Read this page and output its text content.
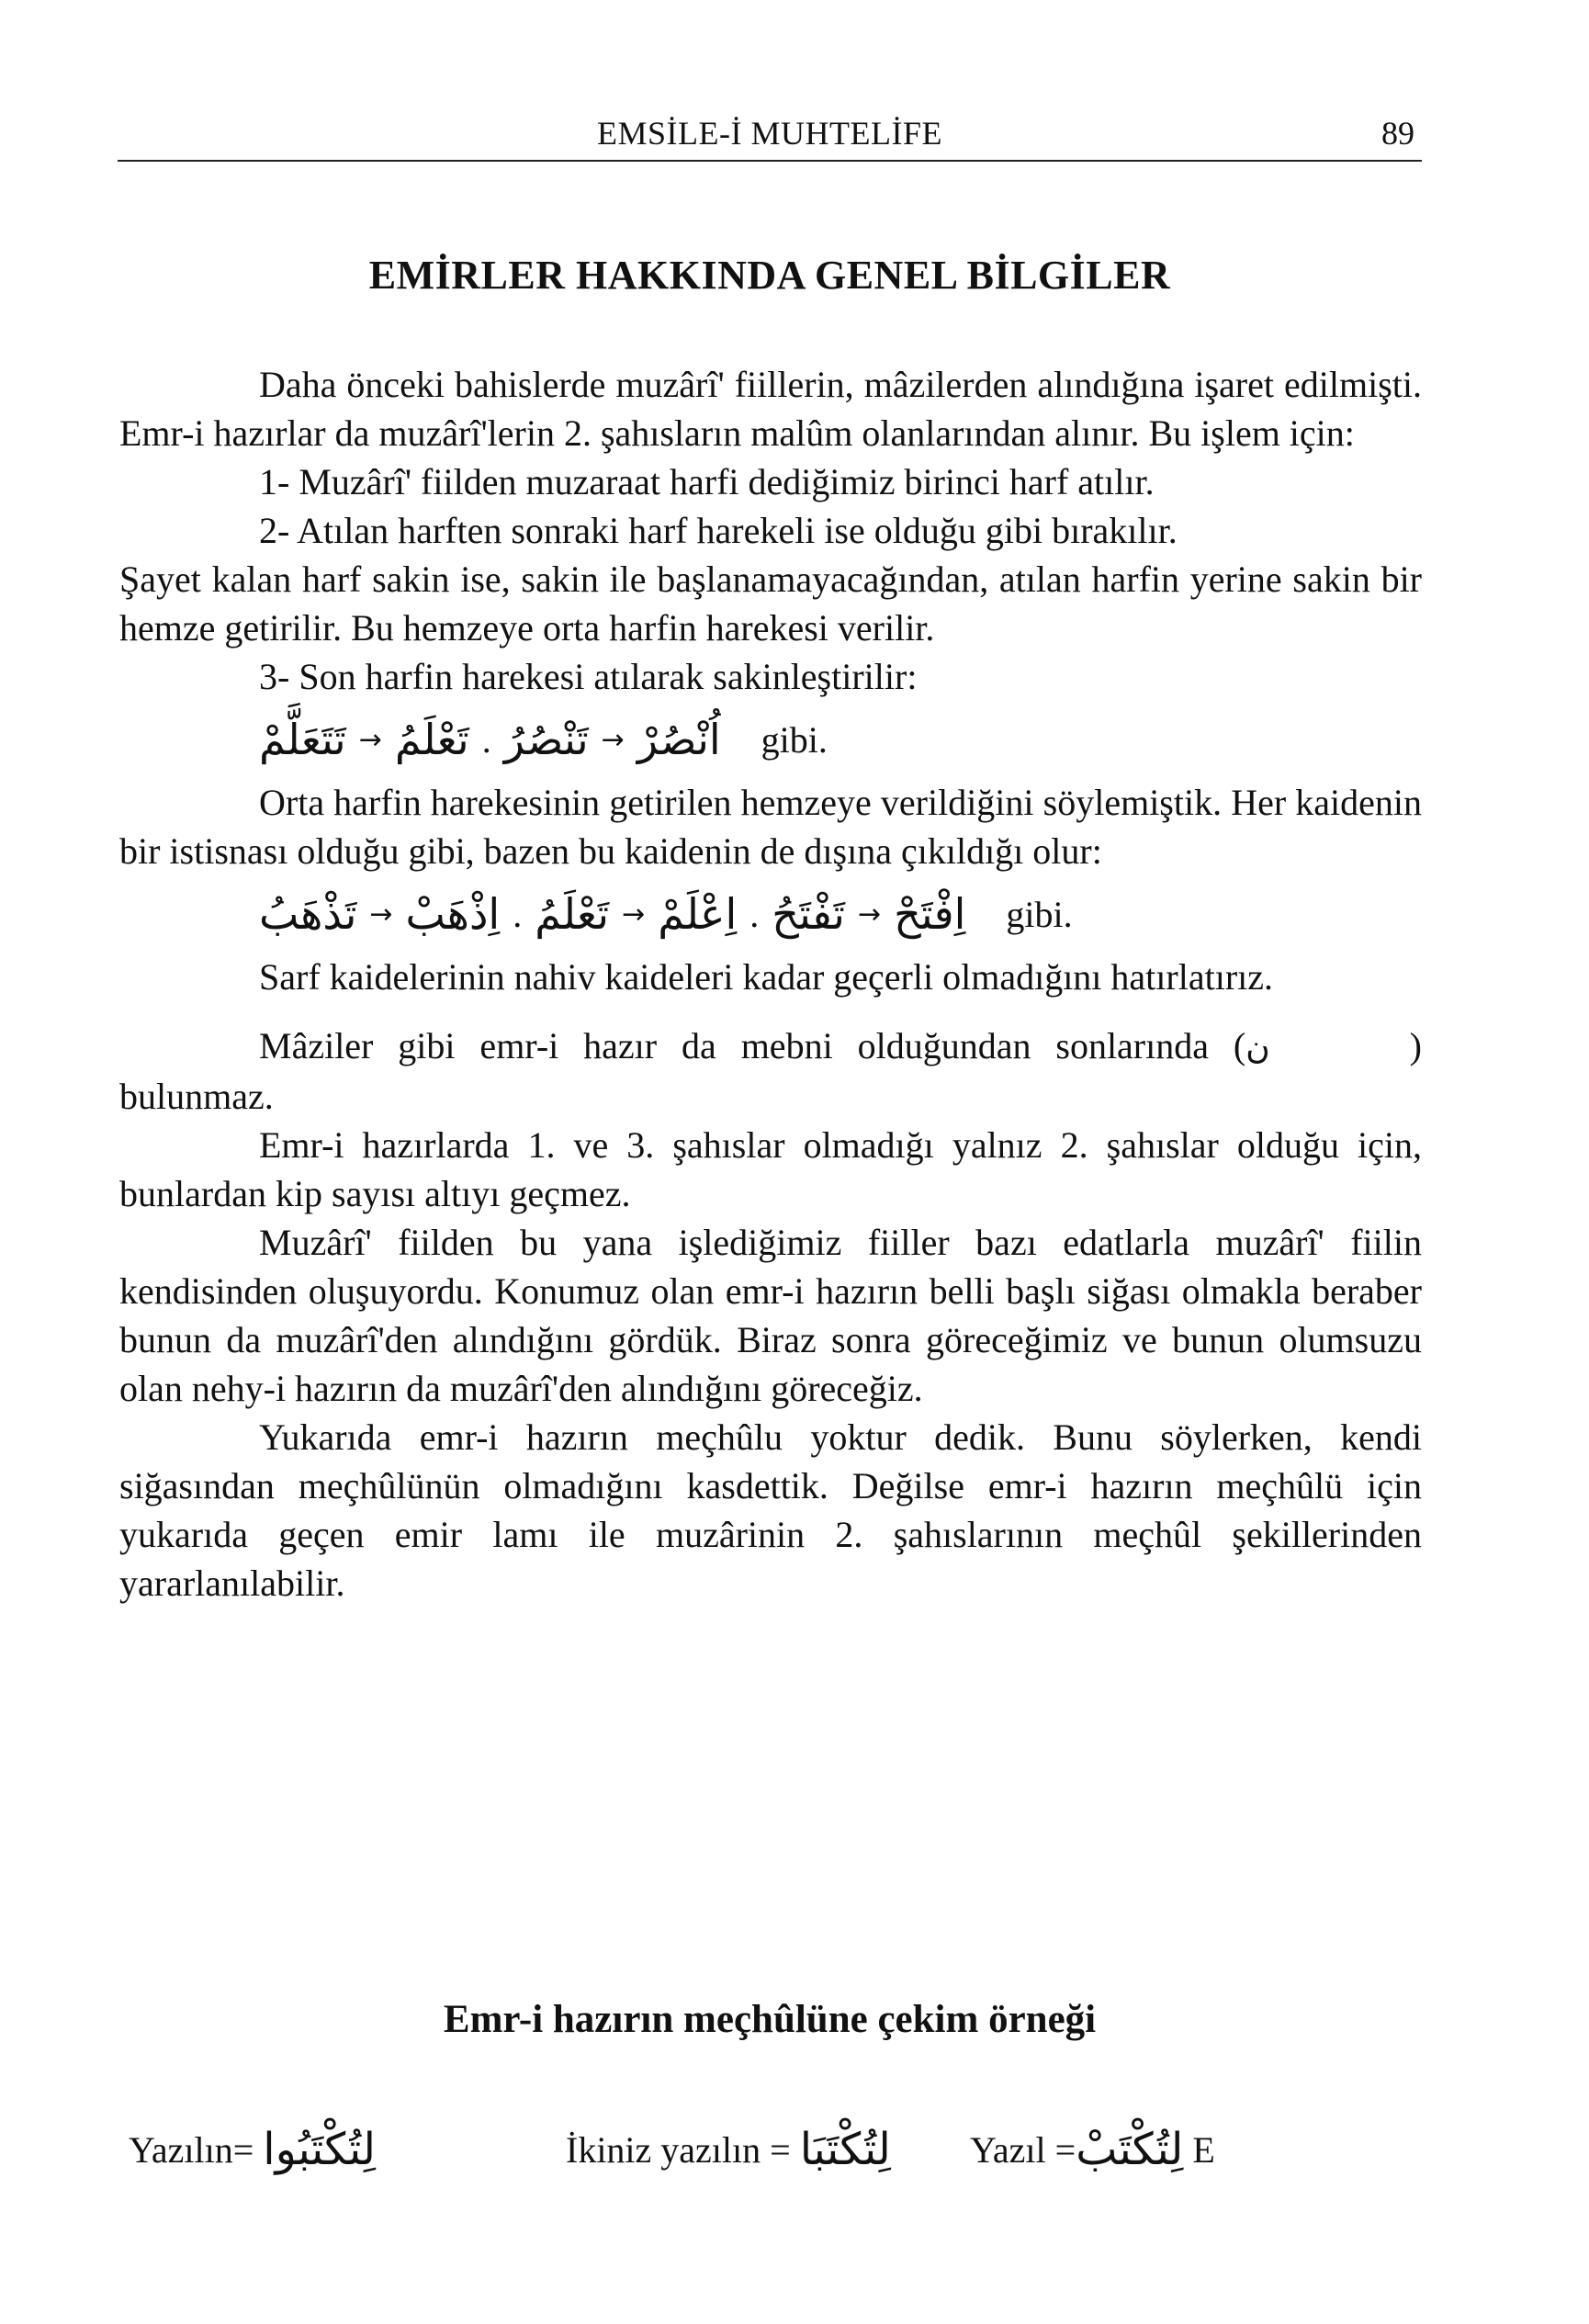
EMSİLE-İ MUHTELİFE	89
EMİRLER HAKKINDA GENEL BİLGİLER

Daha önceki bahislerde muzârî' fiillerin, mâzilerden alındığına işaret edilmişti. Emr-i hazırlar da muzârî'lerin 2. şahısların malûm olanlarından alınır. Bu işlem için:

1- Muzârî' fiilden muzaraat harfi dediğimiz birinci harf atılır.

2- Atılan harften sonraki harf harekeli ise olduğu gibi bırakılır.

Şayet kalan harf sakin ise, sakin ile başlanamayacağından, atılan harfin yerine sakin bir hemze getirilir. Bu hemzeye orta harfin harekesi verilir.

3- Son harfin harekesi atılarak sakinleştirilir:

تَتَعَلَّمْ → تَعْلَمُ . تَنْصُرُ → اُنْصُرْ gibi.

Orta harfin harekesinin getirilen hemzeye verildiğini söylemiştik. Her kaidenin bir istisnası olduğu gibi, bazen bu kaidenin de dışına çıkıldığı olur:

تَذْهَبُ → اِذْهَبْ . تَعْلَمُ → اِعْلَمْ . تَفْتَحُ → اِفْتَحْ gibi.

Sarf kaidelerinin nahiv kaideleri kadar geçerli olmadığını hatırlatırız.

Mâziler gibi emr-i hazır da mebni olduğundan sonlarında (ن	) bulunmaz.

Emr-i hazırlarda 1. ve 3. şahıslar olmadığı yalnız 2. şahıslar olduğu için, bunlardan kip sayısı altıyı geçmez.

Muzârî' fiilden bu yana işlediğimiz fiiller bazı edatlarla muzârî' fiilin kendisinden oluşuyordu. Konumuz olan emr-i hazırın belli başlı siğası olmakla beraber bunun da muzârî'den alındığını gördük. Biraz sonra göreceğimiz ve bunun olumsuzu olan nehy-i hazırın da muzârî'den alındığını göreceğiz.

Yukarıda emr-i hazırın meçhûlu yoktur dedik. Bunu söylerken, kendi siğasından meçhûlünün olmadığını kasdettik. Değilse emr-i hazırın meçhûlü için yukarıda geçen emir lamı ile muzârinin 2. şahıslarının meçhûl şekillerinden yararlanılabilir.

Emr-i hazırın meçhûlüne çekim örneği
Yazılın= لِتُكْتَبُوا	İkiniz yazılın = لِتُكْتَبَا Yazıl = لِتُكْتَبْ E
